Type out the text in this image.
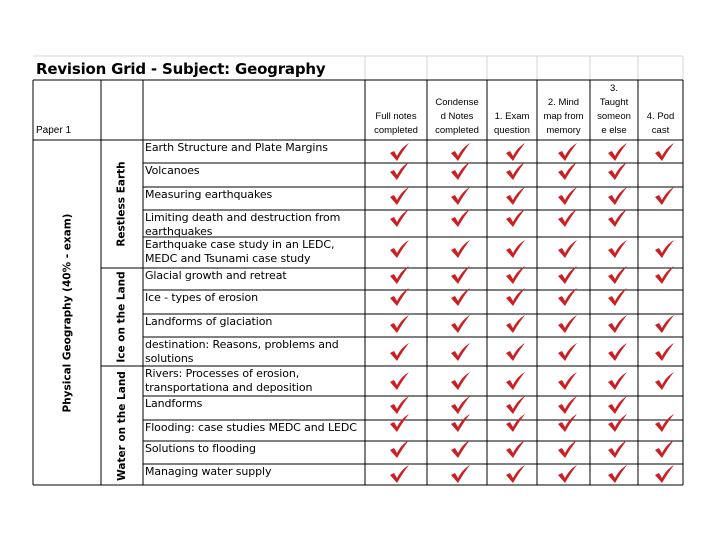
Revision Grid - Subject: Geography
Paper 1
Physical Geography (40% - exam)
Restless Earth
Ice on the Land
Water on the Land
Full notes
completed
Condense
d Notes
completed
1. Exam
question
2. Mind
map from
memory
3.
Taught
someon
e else
4. Pod
cast
Earth Structure and Plate Margins
Volcanoes
Measuring earthquakes
Limiting death and destruction from earthquakes
Earthquake case study in an LEDC, MEDC and Tsunami case study
Glacial growth and retreat
Ice - types of erosion
Landforms of glaciation
destination: Reasons, problems and solutions
Rivers: Processes of erosion, transportationa and deposition
Landforms
Flooding: case studies MEDC and LEDC
Solutions to flooding
Managing water supply
